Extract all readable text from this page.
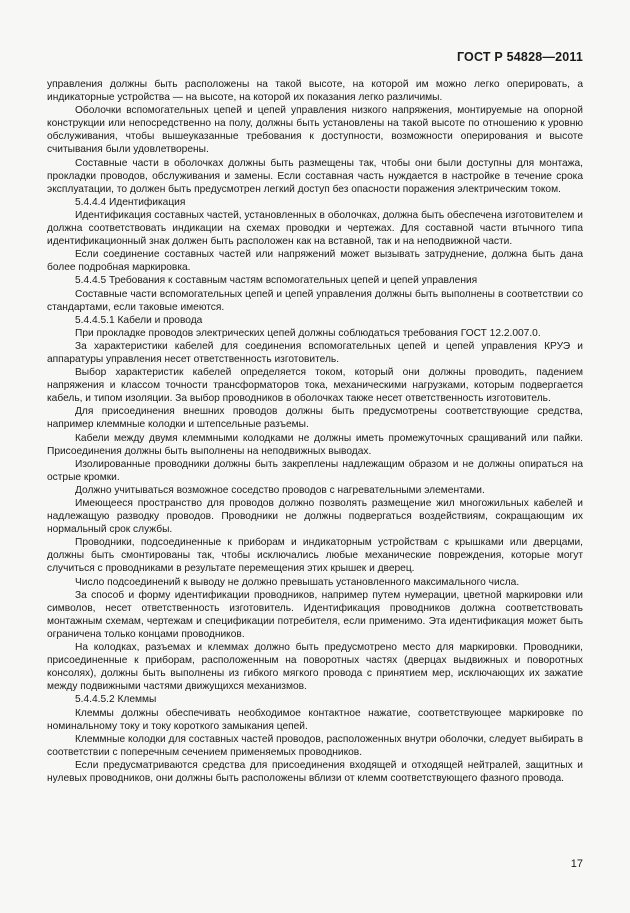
ГОСТ Р 54828—2011

управления должны быть расположены на такой высоте, на которой им можно легко оперировать, а индикаторные устройства — на высоте, на которой их показания легко различимы.

Оболочки вспомогательных цепей и цепей управления низкого напряжения, монтируемые на опорной конструкции или непосредственно на полу, должны быть установлены на такой высоте по отношению к уровню обслуживания, чтобы вышеуказанные требования к доступности, возможности оперирования и высоте считывания были удовлетворены.

Составные части в оболочках должны быть размещены так, чтобы они были доступны для монтажа, прокладки проводов, обслуживания и замены. Если составная часть нуждается в настройке в течение срока эксплуатации, то должен быть предусмотрен легкий доступ без опасности поражения электрическим током.

5.4.4.4 Идентификация

Идентификация составных частей, установленных в оболочках, должна быть обеспечена изготовителем и должна соответствовать индикации на схемах проводки и чертежах. Для составной части втычного типа идентификационный знак должен быть расположен как на вставной, так и на неподвижной части.

Если соединение составных частей или напряжений может вызывать затруднение, должна быть дана более подробная маркировка.

5.4.4.5 Требования к составным частям вспомогательных цепей и цепей управления

Составные части вспомогательных цепей и цепей управления должны быть выполнены в соответствии со стандартами, если таковые имеются.

5.4.4.5.1 Кабели и провода

При прокладке проводов электрических цепей должны соблюдаться требования ГОСТ 12.2.007.0.

За характеристики кабелей для соединения вспомогательных цепей и цепей управления КРУЭ и аппаратуры управления несет ответственность изготовитель.

Выбор характеристик кабелей определяется током, который они должны проводить, падением напряжения и классом точности трансформаторов тока, механическими нагрузками, которым подвергается кабель, и типом изоляции. За выбор проводников в оболочках также несет ответственность изготовитель.

Для присоединения внешних проводов должны быть предусмотрены соответствующие средства, например клеммные колодки и штепсельные разъемы.

Кабели между двумя клеммными колодками не должны иметь промежуточных сращиваний или пайки. Присоединения должны быть выполнены на неподвижных выводах.

Изолированные проводники должны быть закреплены надлежащим образом и не должны опираться на острые кромки.

Должно учитываться возможное соседство проводов с нагревательными элементами.

Имеющееся пространство для проводов должно позволять размещение жил многожильных кабелей и надлежащую разводку проводов. Проводники не должны подвергаться воздействиям, сокращающим их нормальный срок службы.

Проводники, подсоединенные к приборам и индикаторным устройствам с крышками или дверцами, должны быть смонтированы так, чтобы исключались любые механические повреждения, которые могут случиться с проводниками в результате перемещения этих крышек и дверец.

Число подсоединений к выводу не должно превышать установленного максимального числа.

За способ и форму идентификации проводников, например путем нумерации, цветной маркировки или символов, несет ответственность изготовитель. Идентификация проводников должна соответствовать монтажным схемам, чертежам и спецификации потребителя, если применимо. Эта идентификация может быть ограничена только концами проводников.

На колодках, разъемах и клеммах должно быть предусмотрено место для маркировки. Проводники, присоединенные к приборам, расположенным на поворотных частях (дверцах выдвижных и поворотных консолях), должны быть выполнены из гибкого мягкого провода с принятием мер, исключающих их зажатие между подвижными частями движущихся механизмов.

5.4.4.5.2 Клеммы

Клеммы должны обеспечивать необходимое контактное нажатие, соответствующее маркировке по номинальному току и току короткого замыкания цепей.

Клеммные колодки для составных частей проводов, расположенных внутри оболочки, следует выбирать в соответствии с поперечным сечением применяемых проводников.

Если предусматриваются средства для присоединения входящей и отходящей нейтралей, защитных и нулевых проводников, они должны быть расположены вблизи от клемм соответствующего фазного провода.

17
